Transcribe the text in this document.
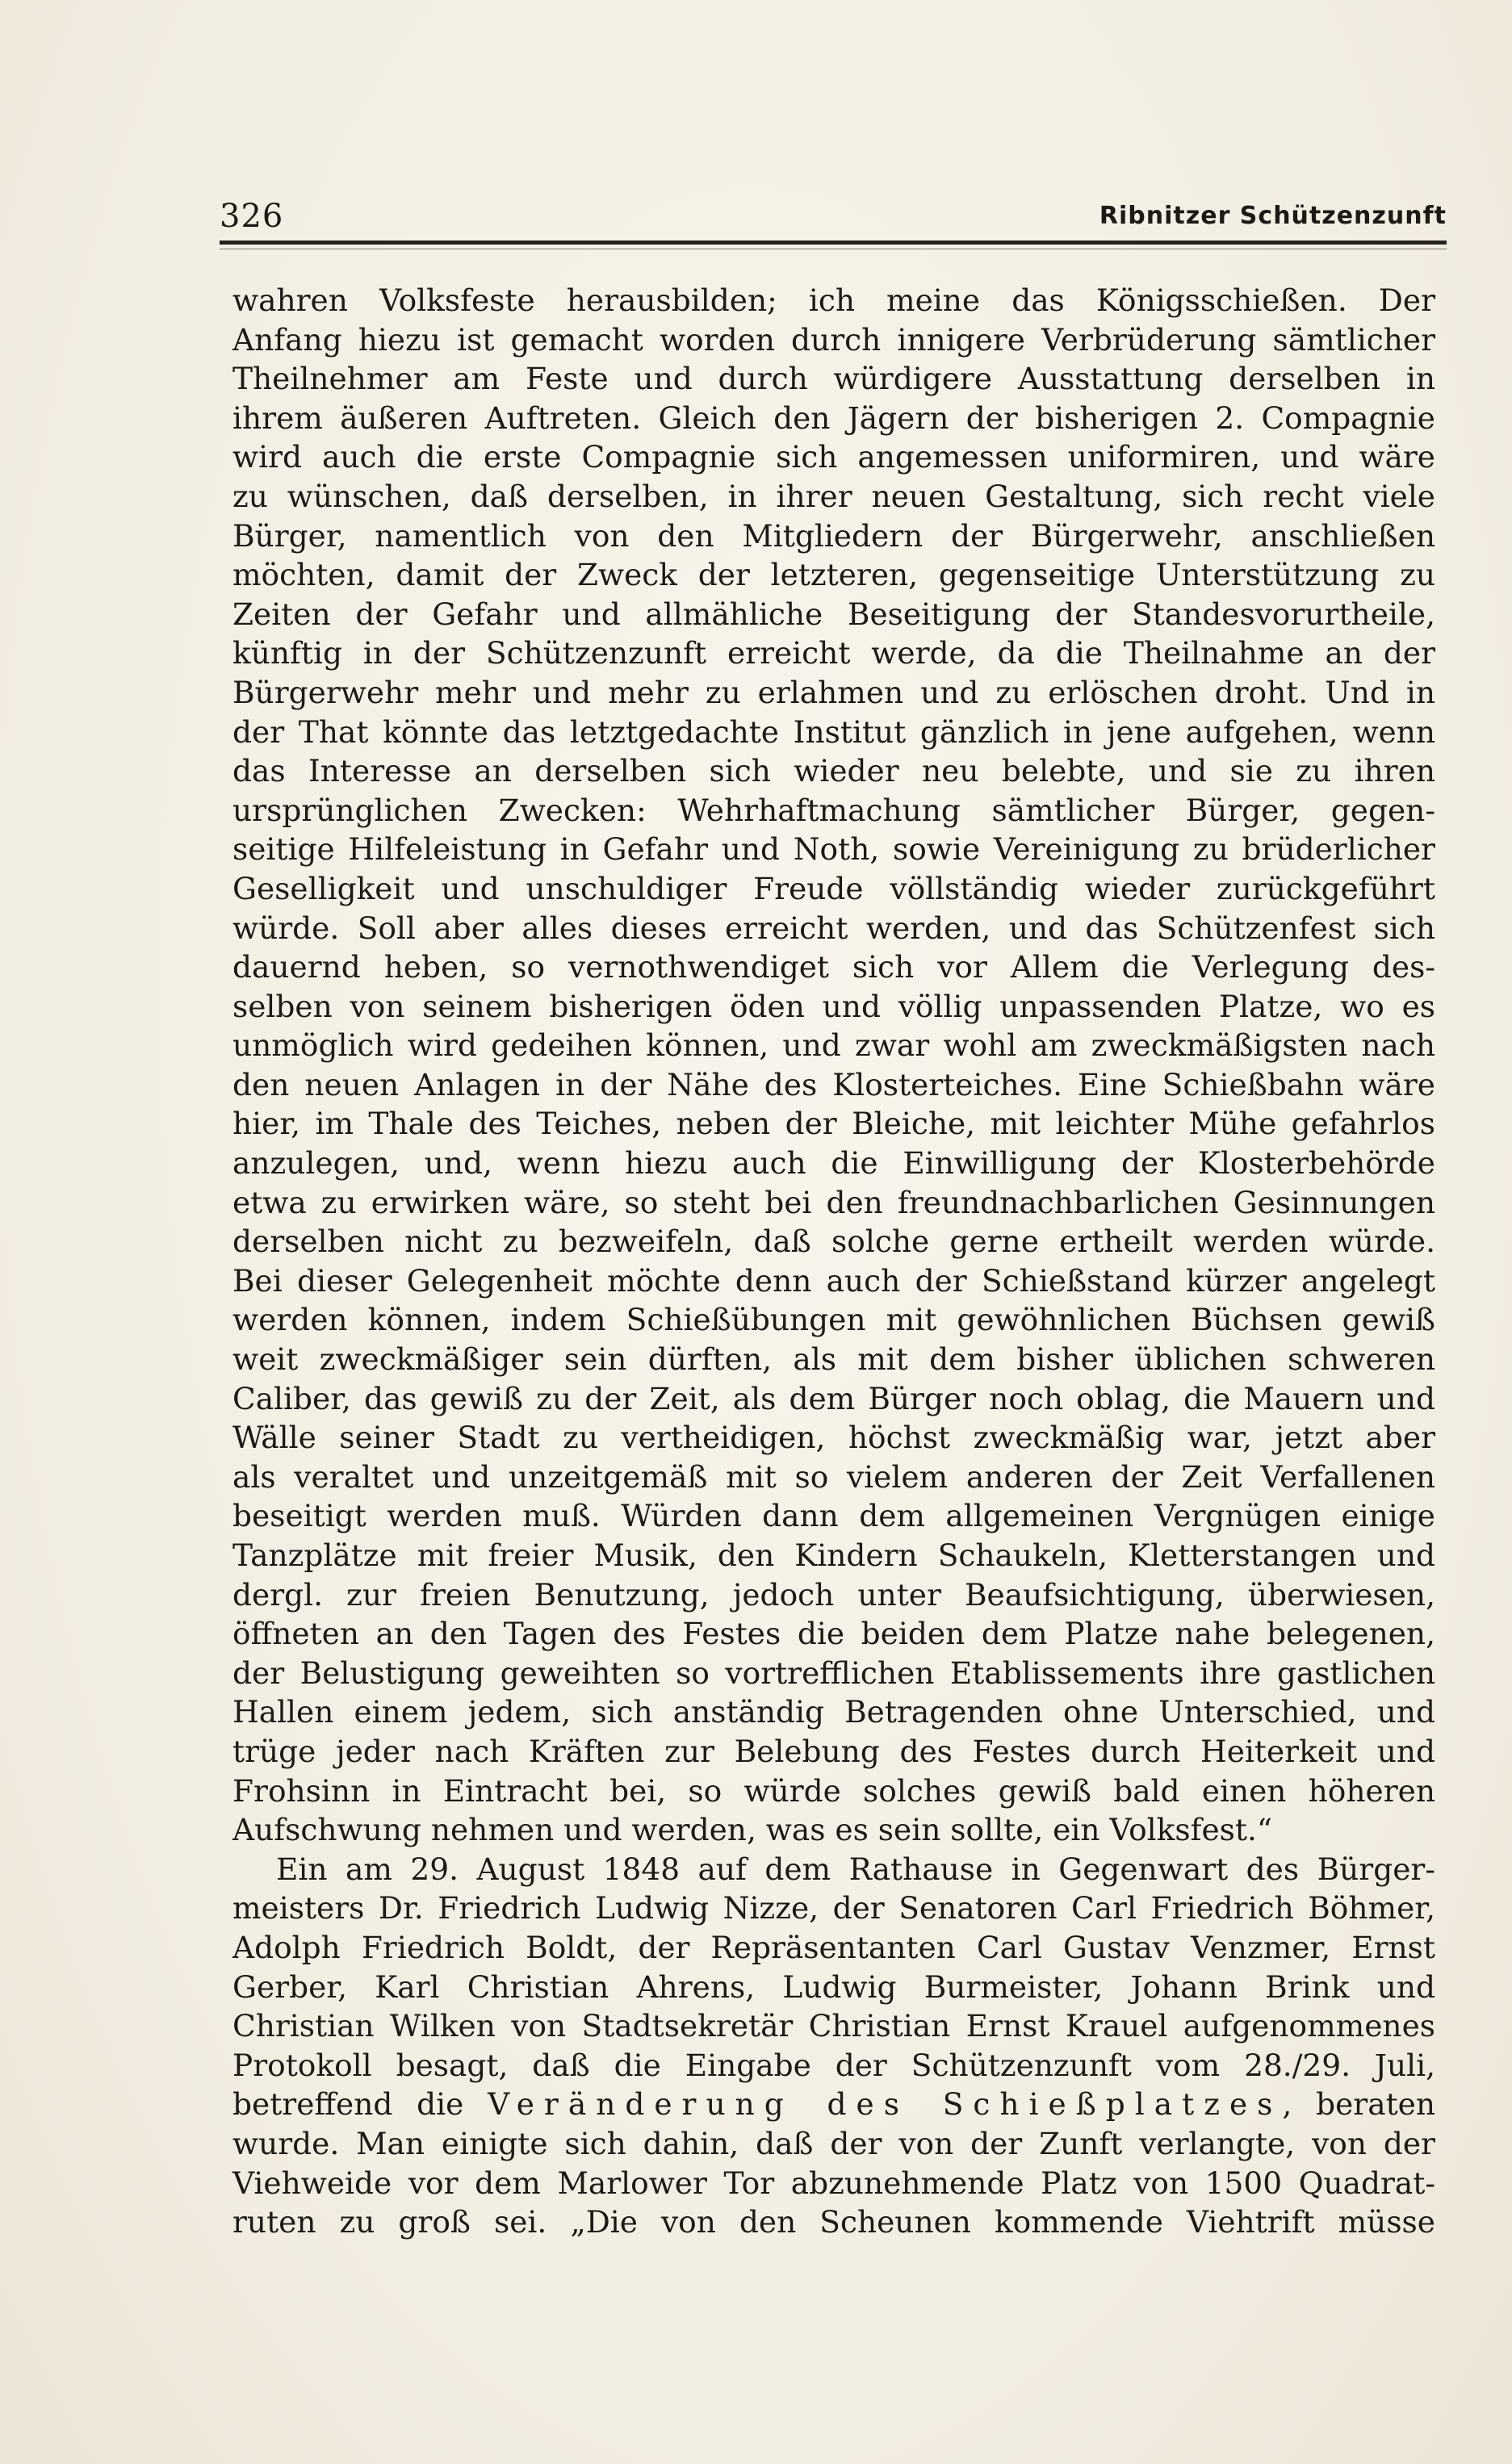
326	Ribnitzer Schützenzunft
wahren Volksfeste herausbilden; ich meine das Königsschießen. Der
Anfang hiezu ist gemacht worden durch innigere Verbrüderung sämtlicher
Theilnehmer am Feste und durch würdigere Ausstattung derselben in
ihrem äußeren Auftreten. Gleich den Jägern der bisherigen 2. Compagnie
wird auch die erste Compagnie sich angemessen uniformiren, und wäre
zu wünschen, daß derselben, in ihrer neuen Gestaltung, sich recht viele
Bürger, namentlich von den Mitgliedern der Bürgerwehr, anschließen
möchten, damit der Zweck der letzteren, gegenseitige Unterstützung zu
Zeiten der Gefahr und allmähliche Beseitigung der Standesvorurtheile,
künftig in der Schützenzunft erreicht werde, da die Theilnahme an der
Bürgerwehr mehr und mehr zu erlahmen und zu erlöschen droht. Und in
der That könnte das letztgedachte Institut gänzlich in jene aufgehen, wenn
das Interesse an derselben sich wieder neu belebte, und sie zu ihren
ursprünglichen Zwecken: Wehrhaftmachung sämtlicher Bürger, gegen-
seitige Hilfeleistung in Gefahr und Noth, sowie Vereinigung zu brüderlicher
Geselligkeit und unschuldiger Freude völlständig wieder zurückgeführt
würde. Soll aber alles dieses erreicht werden, und das Schützenfest sich
dauernd heben, so vernothwendiget sich vor Allem die Verlegung des-
selben von seinem bisherigen öden und völlig unpassenden Platze, wo es
unmöglich wird gedeihen können, und zwar wohl am zweckmäßigsten nach
den neuen Anlagen in der Nähe des Klosterteiches. Eine Schießbahn wäre
hier, im Thale des Teiches, neben der Bleiche, mit leichter Mühe gefahrlos
anzulegen, und, wenn hiezu auch die Einwilligung der Klosterbehörde
etwa zu erwirken wäre, so steht bei den freundnachbarlichen Gesinnungen
derselben nicht zu bezweifeln, daß solche gerne ertheilt werden würde.
Bei dieser Gelegenheit möchte denn auch der Schießstand kürzer angelegt
werden können, indem Schießübungen mit gewöhnlichen Büchsen gewiß
weit zweckmäßiger sein dürften, als mit dem bisher üblichen schweren
Caliber, das gewiß zu der Zeit, als dem Bürger noch oblag, die Mauern und
Wälle seiner Stadt zu vertheidigen, höchst zweckmäßig war, jetzt aber
als veraltet und unzeitgemäß mit so vielem anderen der Zeit Verfallenen
beseitigt werden muß. Würden dann dem allgemeinen Vergnügen einige
Tanzplätze mit freier Musik, den Kindern Schaukeln, Kletterstangen und
dergl. zur freien Benutzung, jedoch unter Beaufsichtigung, überwiesen,
öffneten an den Tagen des Festes die beiden dem Platze nahe belegenen,
der Belustigung geweihten so vortrefflichen Etablissements ihre gastlichen
Hallen einem jedem, sich anständig Betragenden ohne Unterschied, und
trüge jeder nach Kräften zur Belebung des Festes durch Heiterkeit und
Frohsinn in Eintracht bei, so würde solches gewiß bald einen höheren
Aufschwung nehmen und werden, was es sein sollte, ein Volksfest.“
Ein am 29. August 1848 auf dem Rathause in Gegenwart des Bürger-
meisters Dr. Friedrich Ludwig Nizze, der Senatoren Carl Friedrich Böhmer,
Adolph Friedrich Boldt, der Repräsentanten Carl Gustav Venzmer, Ernst
Gerber, Karl Christian Ahrens, Ludwig Burmeister, Johann Brink und
Christian Wilken von Stadtsekretär Christian Ernst Krauel aufgenommenes
Protokoll besagt, daß die Eingabe der Schützenzunft vom 28./29. Juli,
betreffend die Veränderung des Schießplatzes, beraten
wurde. Man einigte sich dahin, daß der von der Zunft verlangte, von der
Viehweide vor dem Marlower Tor abzunehmende Platz von 1500 Quadrat-
ruten zu groß sei. „Die von den Scheunen kommende Viehtrift müsse
